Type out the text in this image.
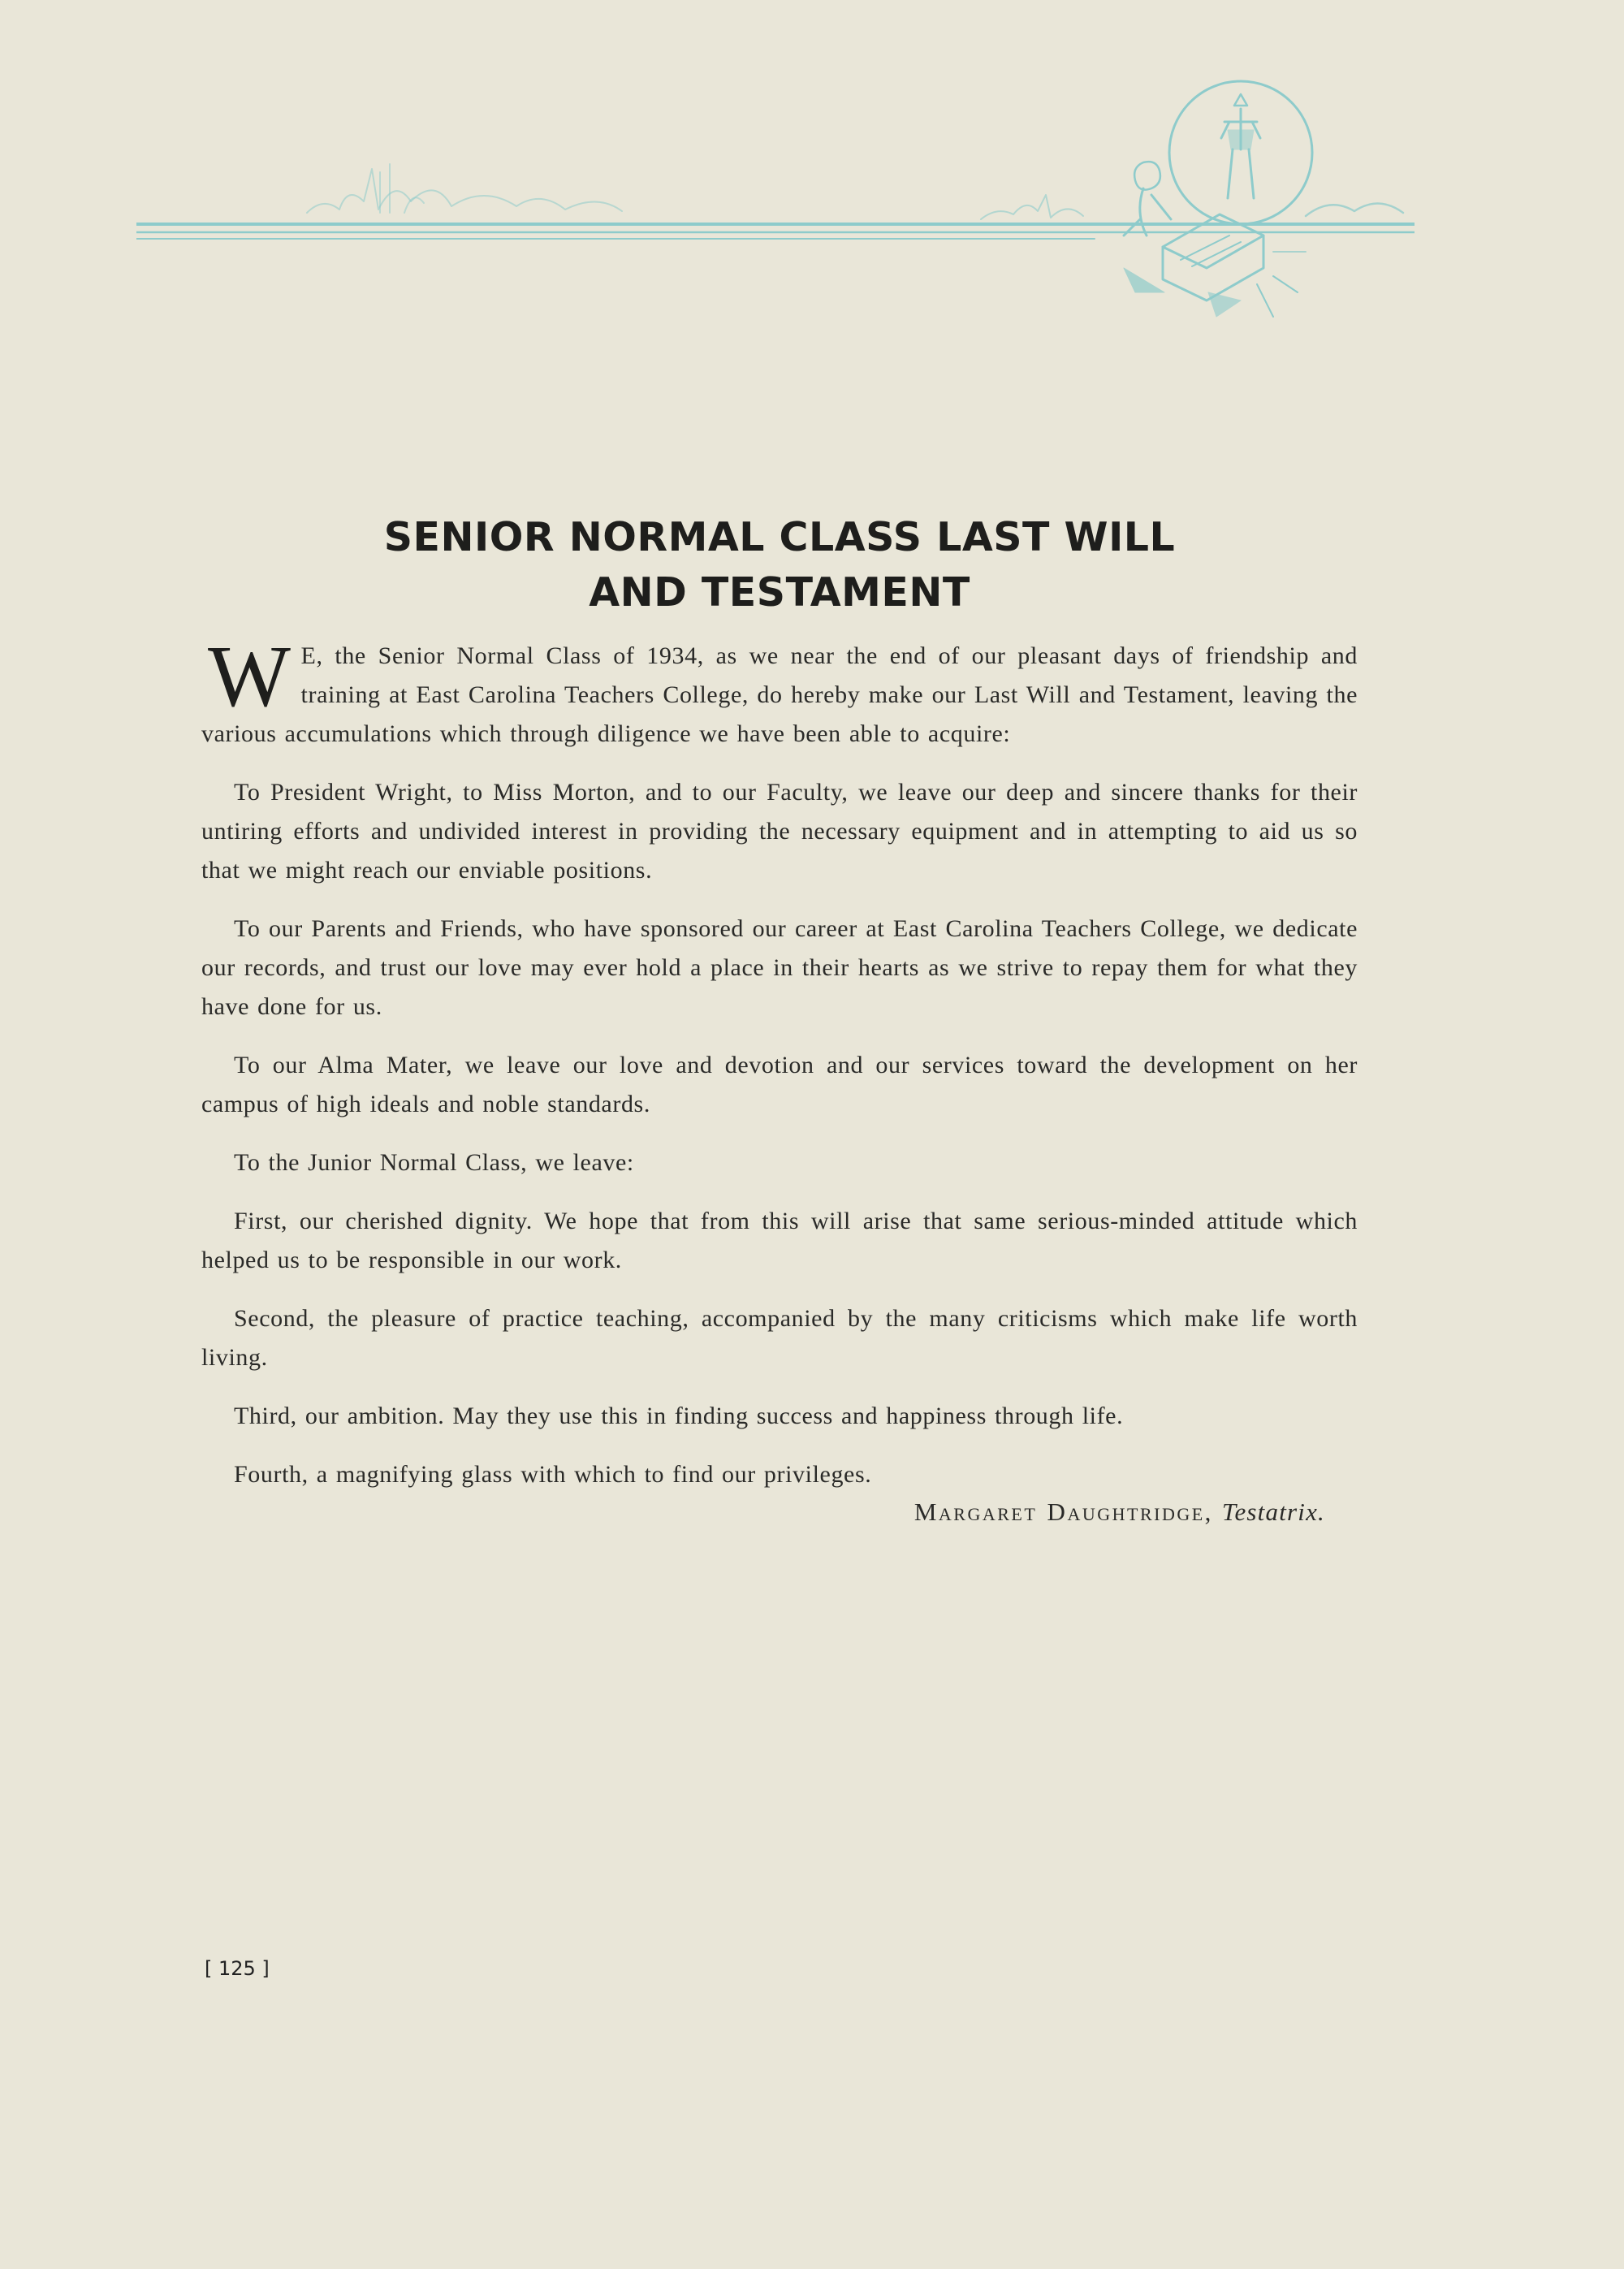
SENIOR NORMAL CLASS LAST WILL
AND TESTAMENT

W E, the Senior Normal Class of 1934, as we near the end of our pleasant days of friendship and training at East Carolina Teachers College, do hereby make our Last Will and Testament, leaving the various accumulations which through diligence we have been able to acquire:

To President Wright, to Miss Morton, and to our Faculty, we leave our deep and sincere thanks for their untiring efforts and undivided interest in providing the necessary equipment and in attempting to aid us so that we might reach our enviable positions.

To our Parents and Friends, who have sponsored our career at East Carolina Teachers College, we dedicate our records, and trust our love may ever hold a place in their hearts as we strive to repay them for what they have done for us.

To our Alma Mater, we leave our love and devotion and our services toward the development on her campus of high ideals and noble standards.

To the Junior Normal Class, we leave:

First, our cherished dignity. We hope that from this will arise that same serious-minded attitude which helped us to be responsible in our work.

Second, the pleasure of practice teaching, accompanied by the many criticisms which make life worth living.

Third, our ambition. May they use this in finding success and happiness through life.

Fourth, a magnifying glass with which to find our privileges.

Margaret Daughtridge, Testatrix.

[ 125 ]
